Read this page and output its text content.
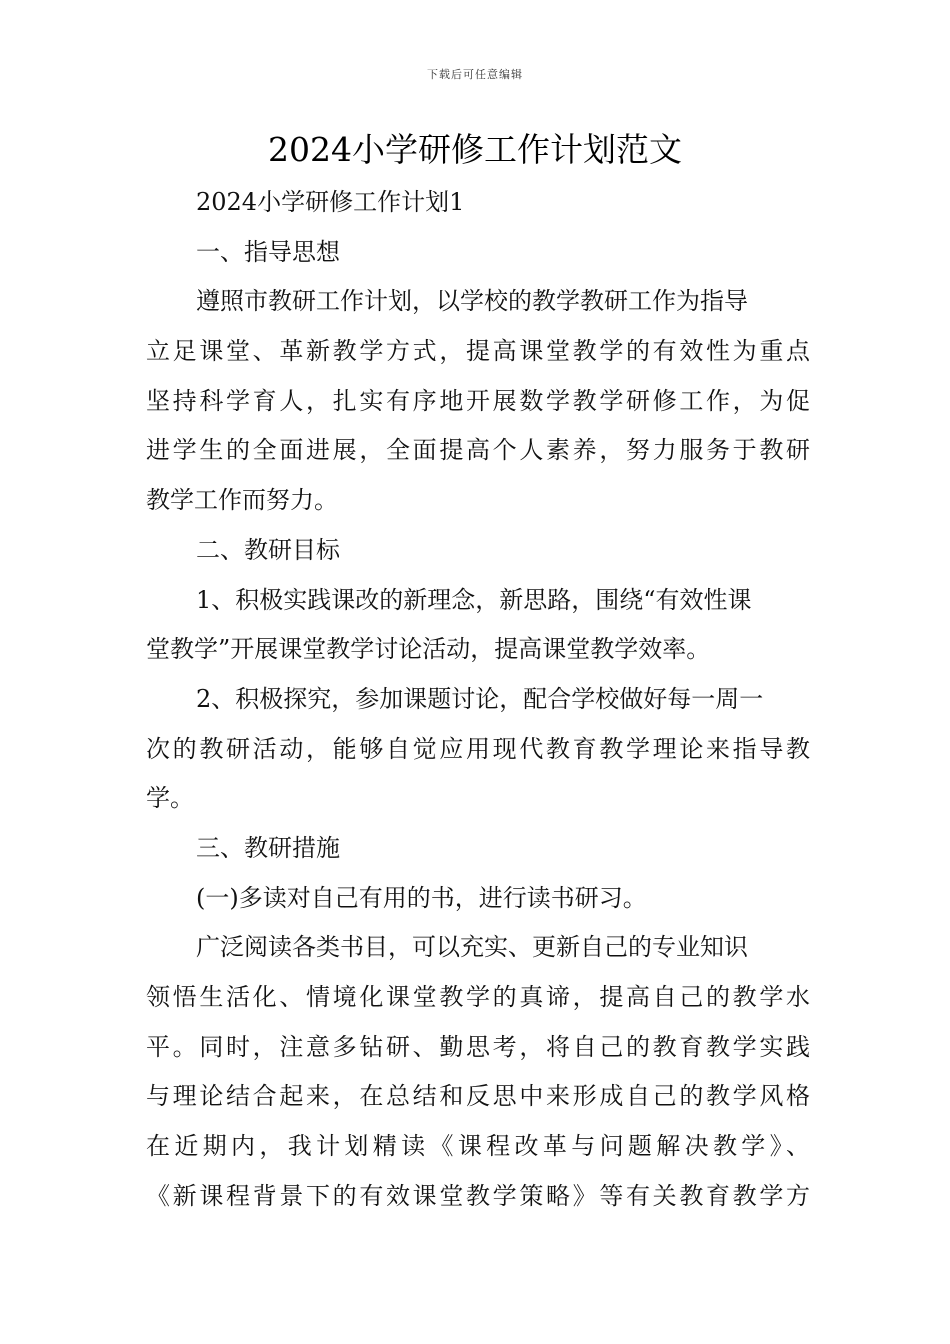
下载后可任意编辑
2024小学研修工作计划范文
2024小学研修工作计划1
一、指导思想
遵照市教研工作计划，以学校的教学教研工作为指导
立足课堂、革新教学方式，提高课堂教学的有效性为重点
坚持科学育人，扎实有序地开展数学教学研修工作，为促
进学生的全面进展，全面提高个人素养，努力服务于教研
教学工作而努力。
二、教研目标
1、积极实践课改的新理念，新思路，围绕“有效性课
堂教学”开展课堂教学讨论活动，提高课堂教学效率。
2、积极探究，参加课题讨论，配合学校做好每一周一
次的教研活动，能够自觉应用现代教育教学理论来指导教
学。
三、教研措施
(一)多读对自己有用的书，进行读书研习。
广泛阅读各类书目，可以充实、更新自己的专业知识
领悟生活化、情境化课堂教学的真谛，提高自己的教学水
平。同时，注意多钻研、勤思考，将自己的教育教学实践
与理论结合起来，在总结和反思中来形成自己的教学风格
在近期内，我计划精读《课程改革与问题解决教学》、
《新课程背景下的有效课堂教学策略》等有关教育教学方
